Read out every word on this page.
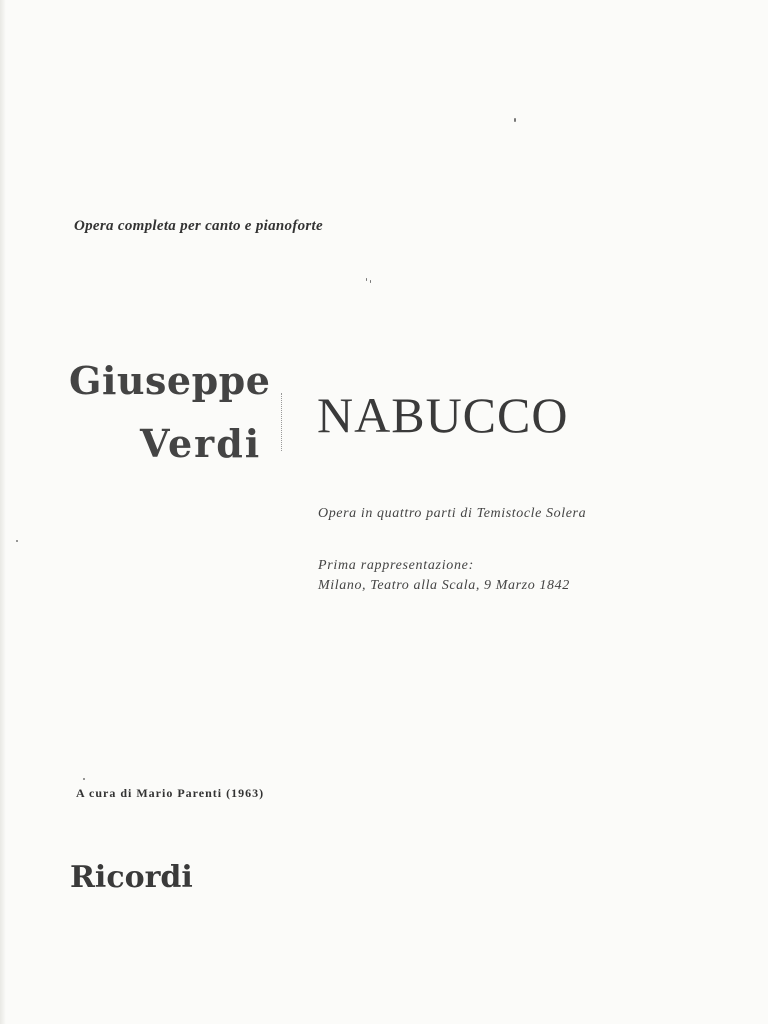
Opera completa per canto e pianoforte
Giuseppe
Verdi
NABUCCO
Opera in quattro parti di Temistocle Solera
Prima rappresentazione:
Milano, Teatro alla Scala, 9 Marzo 1842
A cura di Mario Parenti (1963)
Ricordi
